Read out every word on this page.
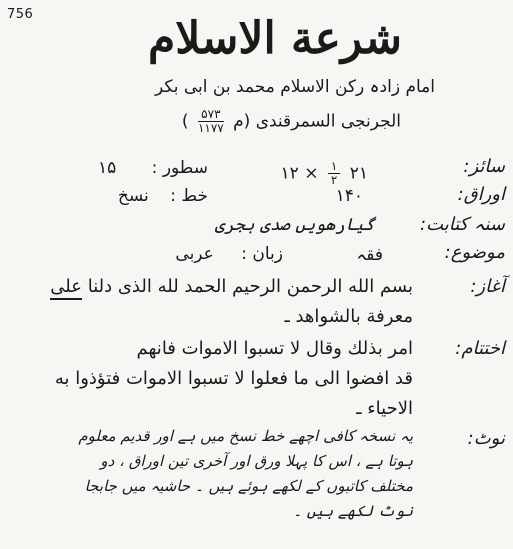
756	شرعة الاسلام
امام زادہ رکن الاسلام محمد بن ابی بکر
الجرنجی السمرقندی (م
$\frac{۵۷۳}{۱۱۷۷}$
)
سائز:
۲۱
$\frac{۱}{۲}$
× ۱۲
سطور : ۱۵
اوراق:
۱۴۰
خط : نسخ
سنہ کتابت:
گیارھویں صدی ہجری
موضوع:
فقہ
زبان : عربی
آغاز:
بسم الله الرحمن الرحيم الحمد لله الذی دلنا علی
معرفة بالشواهد ـ
اختتام:
امر بذلك وقال لا تسبوا الاموات فانهم
قد افضوا الى ما فعلوا لا تسبوا الاموات فتؤذوا به
الاحياء ـ
نوٹ:
یہ نسخہ کافی اچھے خط نسخ میں ہے اور قدیم معلوم
ہوتا ہے ، اس کا پہلا ورق اور آخری تین اوراق ، دو
مختلف کاتبوں کے لکھے ہوئے ہیں ۔ حاشیہ میں جابجا
نوٹ لکھے ہیں ۔
